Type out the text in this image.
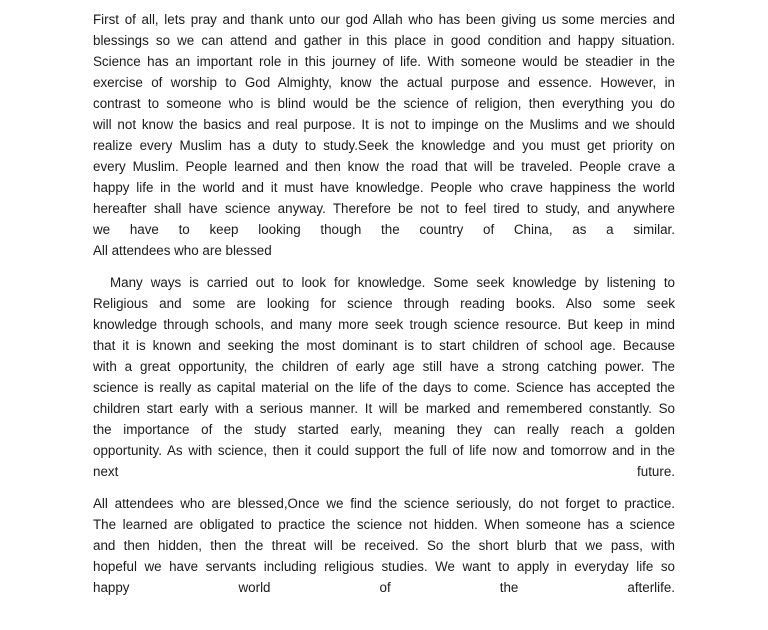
First of all, lets pray and thank unto our god Allah who has been giving us some mercies and
blessings so we can attend and gather in this place in good condition and happy situation.
Science has an important role in this journey of life. With someone would be steadier in the
exercise of worship to God Almighty, know the actual purpose and essence. However, in
contrast to someone who is blind would be the science of religion, then everything you do
will not know the basics and real purpose. It is not to impinge on the Muslims and we should
realize every Muslim has a duty to study.Seek the knowledge and you must get priority on
every Muslim. People learned and then know the road that will be traveled. People crave a
happy life in the world and it must have knowledge. People who crave happiness the world
hereafter shall have science anyway. Therefore be not to feel tired to study, and anywhere
we have to keep looking though the country of China, as a similar.
All attendees who are blessed
Many ways is carried out to look for knowledge. Some seek knowledge by listening to
Religious and some are looking for science through reading books. Also some seek
knowledge through schools, and many more seek trough science resource. But keep in mind
that it is known and seeking the most dominant is to start children of school age. Because
with a great opportunity, the children of early age still have a strong catching power. The
science is really as capital material on the life of the days to come. Science has accepted the
children start early with a serious manner. It will be marked and remembered constantly. So
the importance of the study started early, meaning they can really reach a golden
opportunity. As with science, then it could support the full of life now and tomorrow and in the
next future.
All attendees who are blessed,Once we find the science seriously, do not forget to practice.
The learned are obligated to practice the science not hidden. When someone has a science
and then hidden, then the threat will be received. So the short blurb that we pass, with
hopeful we have servants including religious studies. We want to apply in everyday life so
happy world of the afterlife.
